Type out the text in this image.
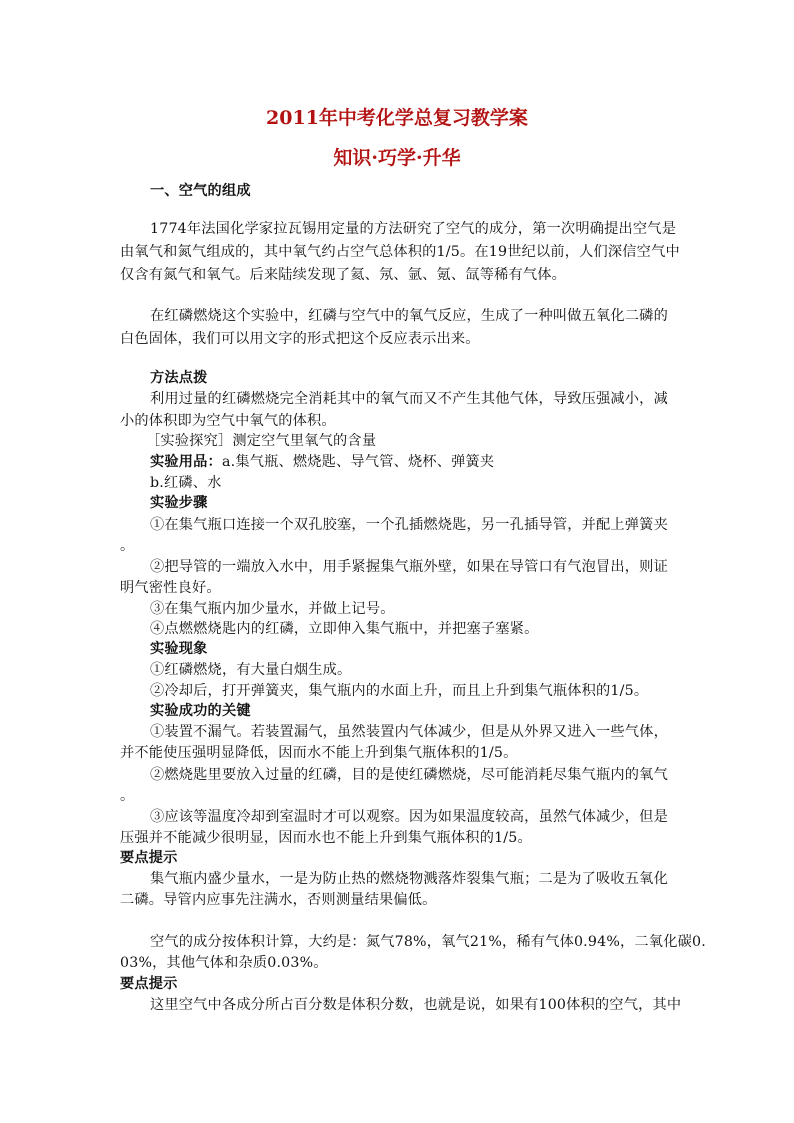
2011年中考化学总复习教学案
知识·巧学·升华
一、空气的组成
1774年法国化学家拉瓦锡用定量的方法研究了空气的成分，第一次明确提出空气是
由氧气和氮气组成的，其中氧气约占空气总体积的1/5。在19世纪以前，人们深信空气中
仅含有氮气和氧气。后来陆续发现了氦、氖、氩、氪、氙等稀有气体。
在红磷燃烧这个实验中，红磷与空气中的氧气反应，生成了一种叫做五氧化二磷的
白色固体，我们可以用文字的形式把这个反应表示出来。
方法点拨
利用过量的红磷燃烧完全消耗其中的氧气而又不产生其他气体，导致压强减小，减
小的体积即为空气中氧气的体积。
［实验探究］测定空气里氧气的含量
实验用品：a.集气瓶、燃烧匙、导气管、烧杯、弹簧夹
b.红磷、水
实验步骤
①在集气瓶口连接一个双孔胶塞，一个孔插燃烧匙，另一孔插导管，并配上弹簧夹
。
②把导管的一端放入水中，用手紧握集气瓶外壁，如果在导管口有气泡冒出，则证
明气密性良好。
③在集气瓶内加少量水，并做上记号。
④点燃燃烧匙内的红磷，立即伸入集气瓶中，并把塞子塞紧。
实验现象
①红磷燃烧，有大量白烟生成。
②冷却后，打开弹簧夹，集气瓶内的水面上升，而且上升到集气瓶体积的1/5。
实验成功的关键
①装置不漏气。若装置漏气，虽然装置内气体减少，但是从外界又进入一些气体，
并不能使压强明显降低，因而水不能上升到集气瓶体积的1/5。
②燃烧匙里要放入过量的红磷，目的是使红磷燃烧，尽可能消耗尽集气瓶内的氧气
。
③应该等温度冷却到室温时才可以观察。因为如果温度较高，虽然气体减少，但是
压强并不能减少很明显，因而水也不能上升到集气瓶体积的1/5。
要点提示
集气瓶内盛少量水，一是为防止热的燃烧物溅落炸裂集气瓶；二是为了吸收五氧化
二磷。导管内应事先注满水，否则测量结果偏低。
空气的成分按体积计算，大约是：氮气78%，氧气21%，稀有气体0.94%，二氧化碳0.
03%，其他气体和杂质0.03%。
要点提示
这里空气中各成分所占百分数是体积分数，也就是说，如果有100体积的空气，其中
